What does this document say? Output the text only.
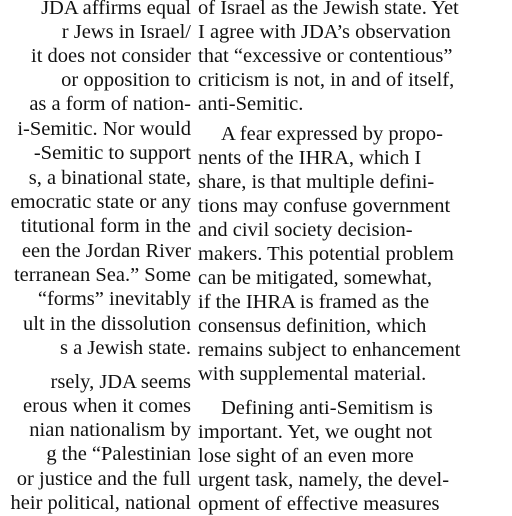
JDA affirms equal

r Jews in Israel/

it does not consider

or opposition to

as a form of nation-

i-Semitic. Nor would

-Semitic to support

s, a binational state,

emocratic state or any

titutional form in the

een the Jordan River

terranean Sea.” Some

“forms” inevitably

ult in the dissolution

s a Jewish state.

rsely, JDA seems

erous when it comes

nian nationalism by

g the “Palestinian

or justice and the full

heir political, national

of Israel as the Jewish state. Yet

I agree with JDA’s observation

that “excessive or contentious”

criticism is not, in and of itself,

anti-Semitic.

A fear expressed by propo-

nents of the IHRA, which I

share, is that multiple defini-

tions may confuse government

and civil society decision-

makers. This potential problem

can be mitigated, somewhat,

if the IHRA is framed as the

consensus definition, which

remains subject to enhancement

with supplemental material.

Defining anti-Semitism is

important. Yet, we ought not

lose sight of an even more

urgent task, namely, the devel-

opment of effective measures
